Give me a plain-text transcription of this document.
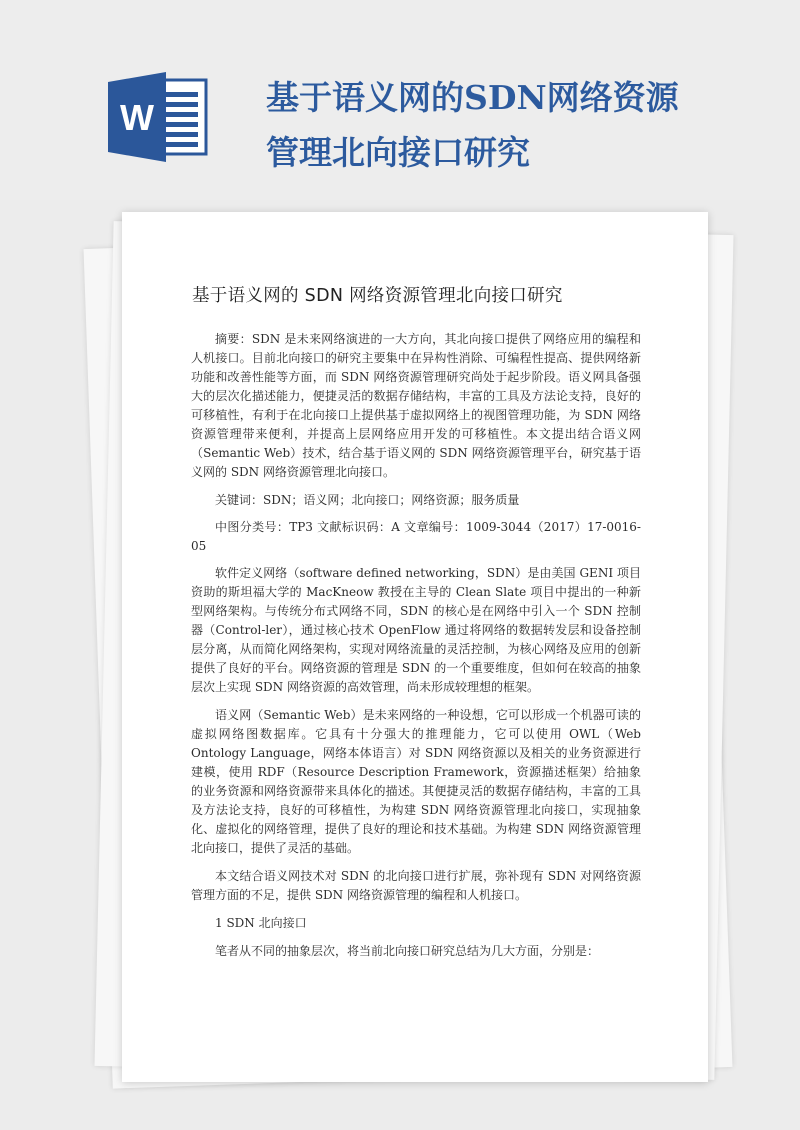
W	基于语义网的SDN网络资源
管理北向接口研究
基于语义网的 SDN 网络资源管理北向接口研究

摘要：SDN 是未来网络演进的一大方向，其北向接口提供了网络应用的编程和人机接口。目前北向接口的研究主要集中在异构性消除、可编程性提高、提供网络新功能和改善性能等方面，而 SDN 网络资源管理研究尚处于起步阶段。语义网具备强大的层次化描述能力，便捷灵活的数据存储结构，丰富的工具及方法论支持，良好的可移植性，有利于在北向接口上提供基于虚拟网络上的视图管理功能，为 SDN 网络资源管理带来便利，并提高上层网络应用开发的可移植性。本文提出结合语义网（Semantic Web）技术，结合基于语义网的 SDN 网络资源管理平台，研究基于语义网的 SDN 网络资源管理北向接口。

关键词：SDN；语义网；北向接口；网络资源；服务质量

中图分类号：TP3 文献标识码：A 文章编号：1009-3044（2017）17-0016-05

软件定义网络（software defined networking，SDN）是由美国 GENI 项目资助的斯坦福大学的 MacKneow 教授在主导的 Clean Slate 项目中提出的一种新型网络架构。与传统分布式网络不同，SDN 的核心是在网络中引入一个 SDN 控制器（Control-ler），通过核心技术 OpenFlow 通过将网络的数据转发层和设备控制层分离，从而简化网络架构，实现对网络流量的灵活控制，为核心网络及应用的创新提供了良好的平台。网络资源的管理是 SDN 的一个重要维度，但如何在较高的抽象层次上实现 SDN 网络资源的高效管理，尚未形成较理想的框架。

语义网（Semantic Web）是未来网络的一种设想，它可以形成一个机器可读的虚拟网络图数据库。它具有十分强大的推理能力，它可以使用 OWL（Web Ontology Language，网络本体语言）对 SDN 网络资源以及相关的业务资源进行建模，使用 RDF（Resource Description Framework，资源描述框架）给抽象的业务资源和网络资源带来具体化的描述。其便捷灵活的数据存储结构，丰富的工具及方法论支持，良好的可移植性，为构建 SDN 网络资源管理北向接口，实现抽象化、虚拟化的网络管理，提供了良好的理论和技术基础。为构建 SDN 网络资源管理北向接口，提供了灵活的基础。

本文结合语义网技术对 SDN 的北向接口进行扩展，弥补现有 SDN 对网络资源管理方面的不足，提供 SDN 网络资源管理的编程和人机接口。

1 SDN 北向接口

笔者从不同的抽象层次，将当前北向接口研究总结为几大方面，分别是：
